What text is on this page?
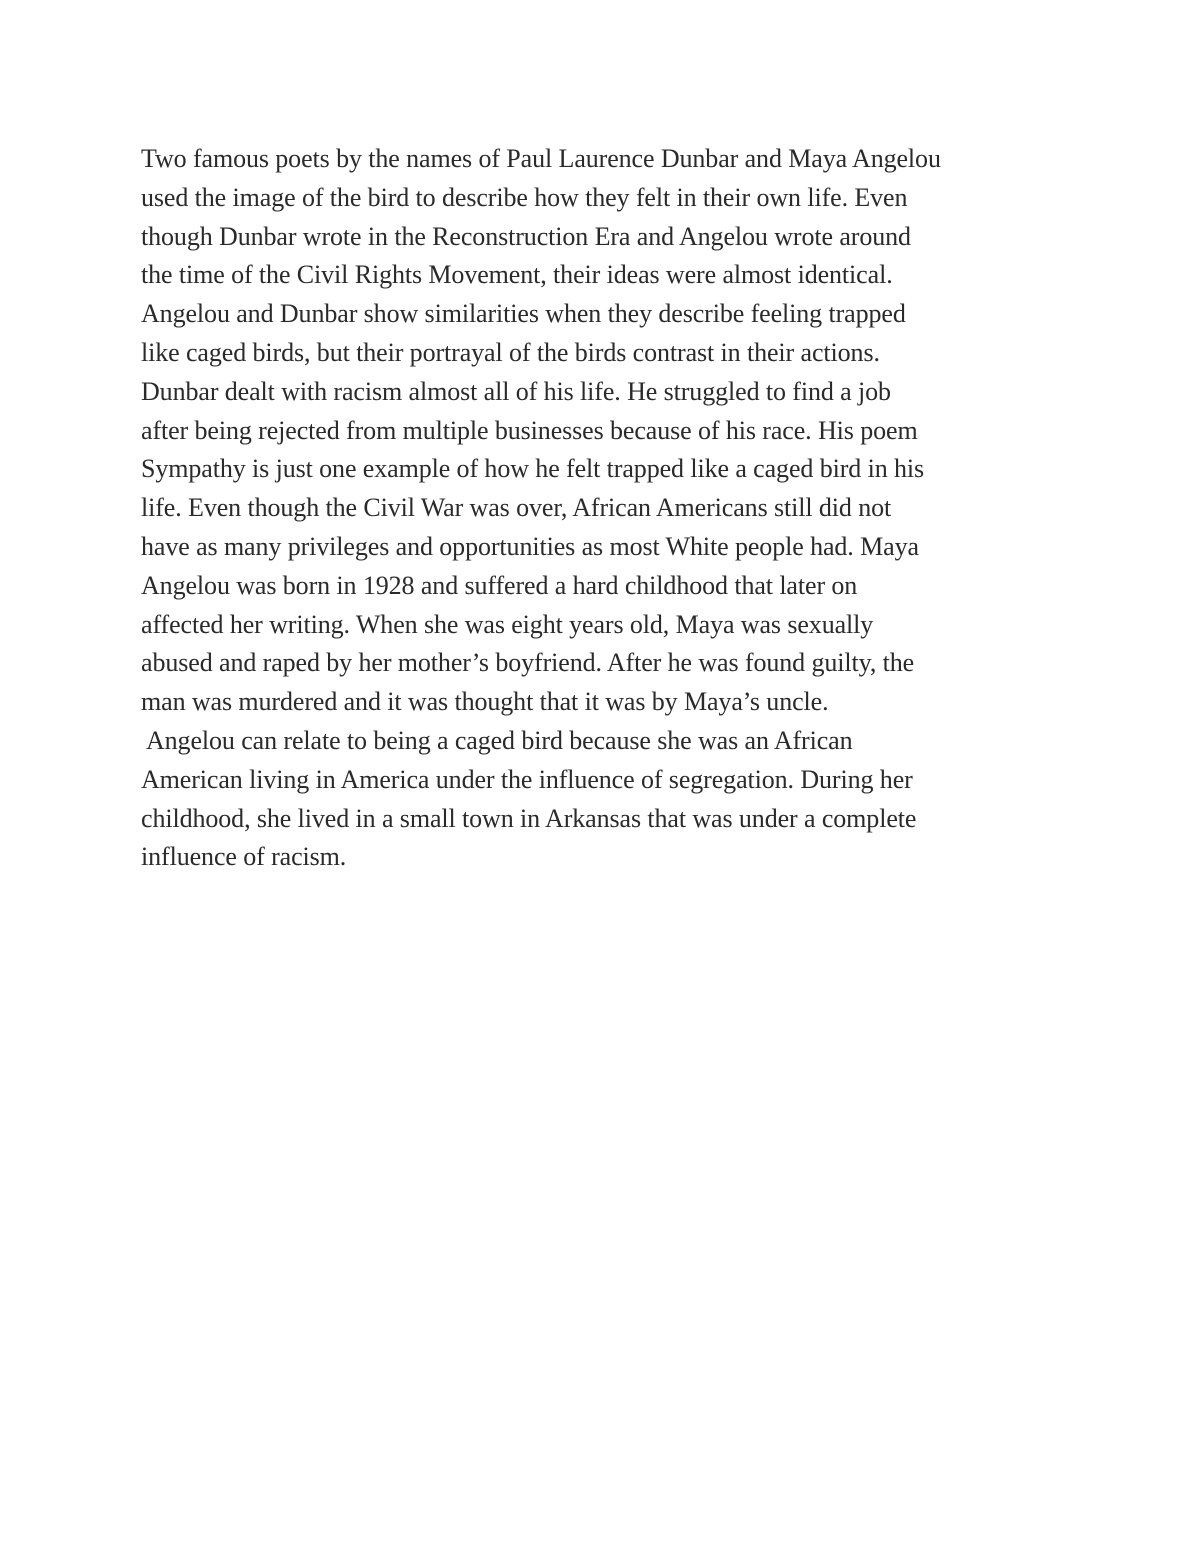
Two famous poets by the names of Paul Laurence Dunbar and Maya Angelou
used the image of the bird to describe how they felt in their own life. Even
though Dunbar wrote in the Reconstruction Era and Angelou wrote around
the time of the Civil Rights Movement, their ideas were almost identical.
Angelou and Dunbar show similarities when they describe feeling trapped
like caged birds, but their portrayal of the birds contrast in their actions.
Dunbar dealt with racism almost all of his life. He struggled to find a job
after being rejected from multiple businesses because of his race. His poem
Sympathy is just one example of how he felt trapped like a caged bird in his
life. Even though the Civil War was over, African Americans still did not
have as many privileges and opportunities as most White people had. Maya
Angelou was born in 1928 and suffered a hard childhood that later on
affected her writing. When she was eight years old, Maya was sexually
abused and raped by her mother’s boyfriend. After he was found guilty, the
man was murdered and it was thought that it was by Maya’s uncle.
Angelou can relate to being a caged bird because she was an African
American living in America under the influence of segregation. During her
childhood, she lived in a small town in Arkansas that was under a complete
influence of racism.
